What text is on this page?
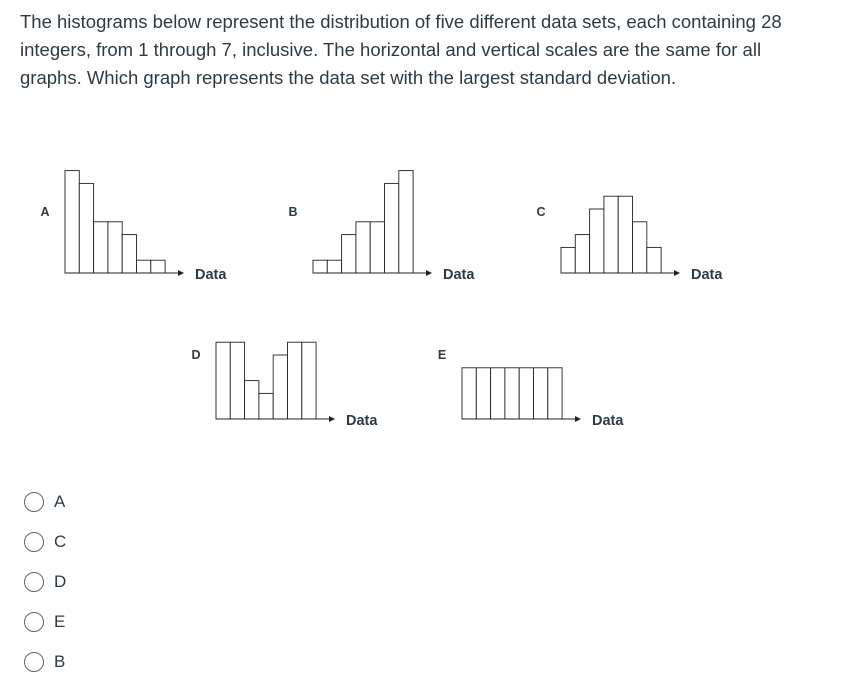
The histograms below represent the distribution of five different data sets, each containing 28 integers, from 1 through 7, inclusive. The horizontal and vertical scales are the same for all graphs. Which graph represents the data set with the largest standard deviation.

Data
A
Data
B
Data
C
Data
D
Data
E
A
C
D
E
B
